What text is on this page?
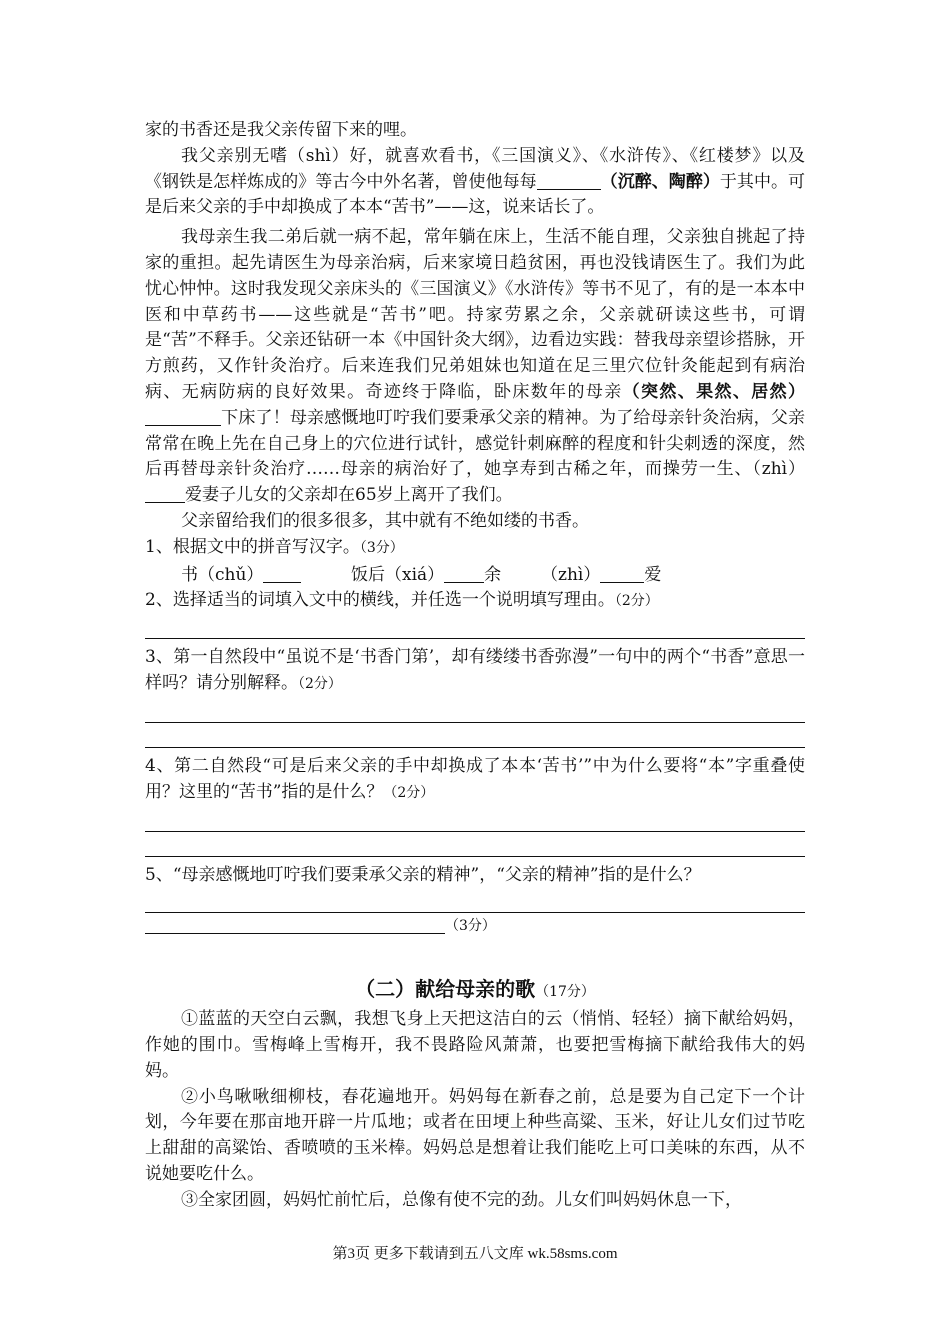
家的书香还是我父亲传留下来的哩。

我父亲别无嗜（shì）好，就喜欢看书，《三国演义》、《水浒传》、《红楼梦》以及《钢铁是怎样炼成的》等古今中外名著，曾使他每每	（沉醉、陶醉）于其中。可是后来父亲的手中却换成了本本“苦书”——这，说来话长了。

我母亲生我二弟后就一病不起，常年躺在床上，生活不能自理，父亲独自挑起了持家的重担。起先请医生为母亲治病，后来家境日趋贫困，再也没钱请医生了。我们为此忧心忡忡。这时我发现父亲床头的《三国演义》《水浒传》等书不见了，有的是一本本中医和中草药书——这些就是“苦书”吧。持家劳累之余，父亲就研读这些书，可谓是“苦”不释手。父亲还钻研一本《中国针灸大纲》，边看边实践：替我母亲望诊搭脉，开方煎药，又作针灸治疗。后来连我们兄弟姐妹也知道在足三里穴位针灸能起到有病治病、无病防病的良好效果。奇迹终于降临，卧床数年的母亲（突然、果然、居然）下床了！母亲感慨地叮咛我们要秉承父亲的精神。为了给母亲针灸治病，父亲常常在晚上先在自己身上的穴位进行试针，感觉针刺麻醉的程度和针尖刺透的深度，然后再替母亲针灸治疗……母亲的病治好了，她享寿到古稀之年，而操劳一生、（zhì）爱妻子儿女的父亲却在65岁上离开了我们。

父亲留给我们的很多很多，其中就有不绝如缕的书香。

1、根据文中的拼音写汉字。（3分）

书（chǔ）	饭后（xiá） 余 （zhì）	爱

2、选择适当的词填入文中的横线，并任选一个说明填写理由。（2分）

3、第一自然段中“虽说不是‘书香门第’，却有缕缕书香弥漫”一句中的两个“书香”意思一样吗？请分别解释。（2分）

4、第二自然段“可是后来父亲的手中却换成了本本‘苦书’”中为什么要将“本”字重叠使用？这里的“苦书”指的是什么？（2分）

5、“母亲感慨地叮咛我们要秉承父亲的精神”，“父亲的精神”指的是什么？

（3分）
（二）献给母亲的歌（17分）

①蓝蓝的天空白云飘，我想飞身上天把这洁白的云（悄悄、轻轻）摘下献给妈妈，作她的围巾。雪梅峰上雪梅开，我不畏路险风萧萧，也要把雪梅摘下献给我伟大的妈妈。

②小鸟啾啾细柳枝，春花遍地开。妈妈每在新春之前，总是要为自己定下一个计划，今年要在那亩地开辟一片瓜地；或者在田埂上种些高粱、玉米，好让儿女们过节吃上甜甜的高粱饴、香喷喷的玉米棒。妈妈总是想着让我们能吃上可口美味的东西，从不说她要吃什么。

③全家团圆，妈妈忙前忙后，总像有使不完的劲。儿女们叫妈妈休息一下，

第3页 更多下载请到五八文库 wk.58sms.com
